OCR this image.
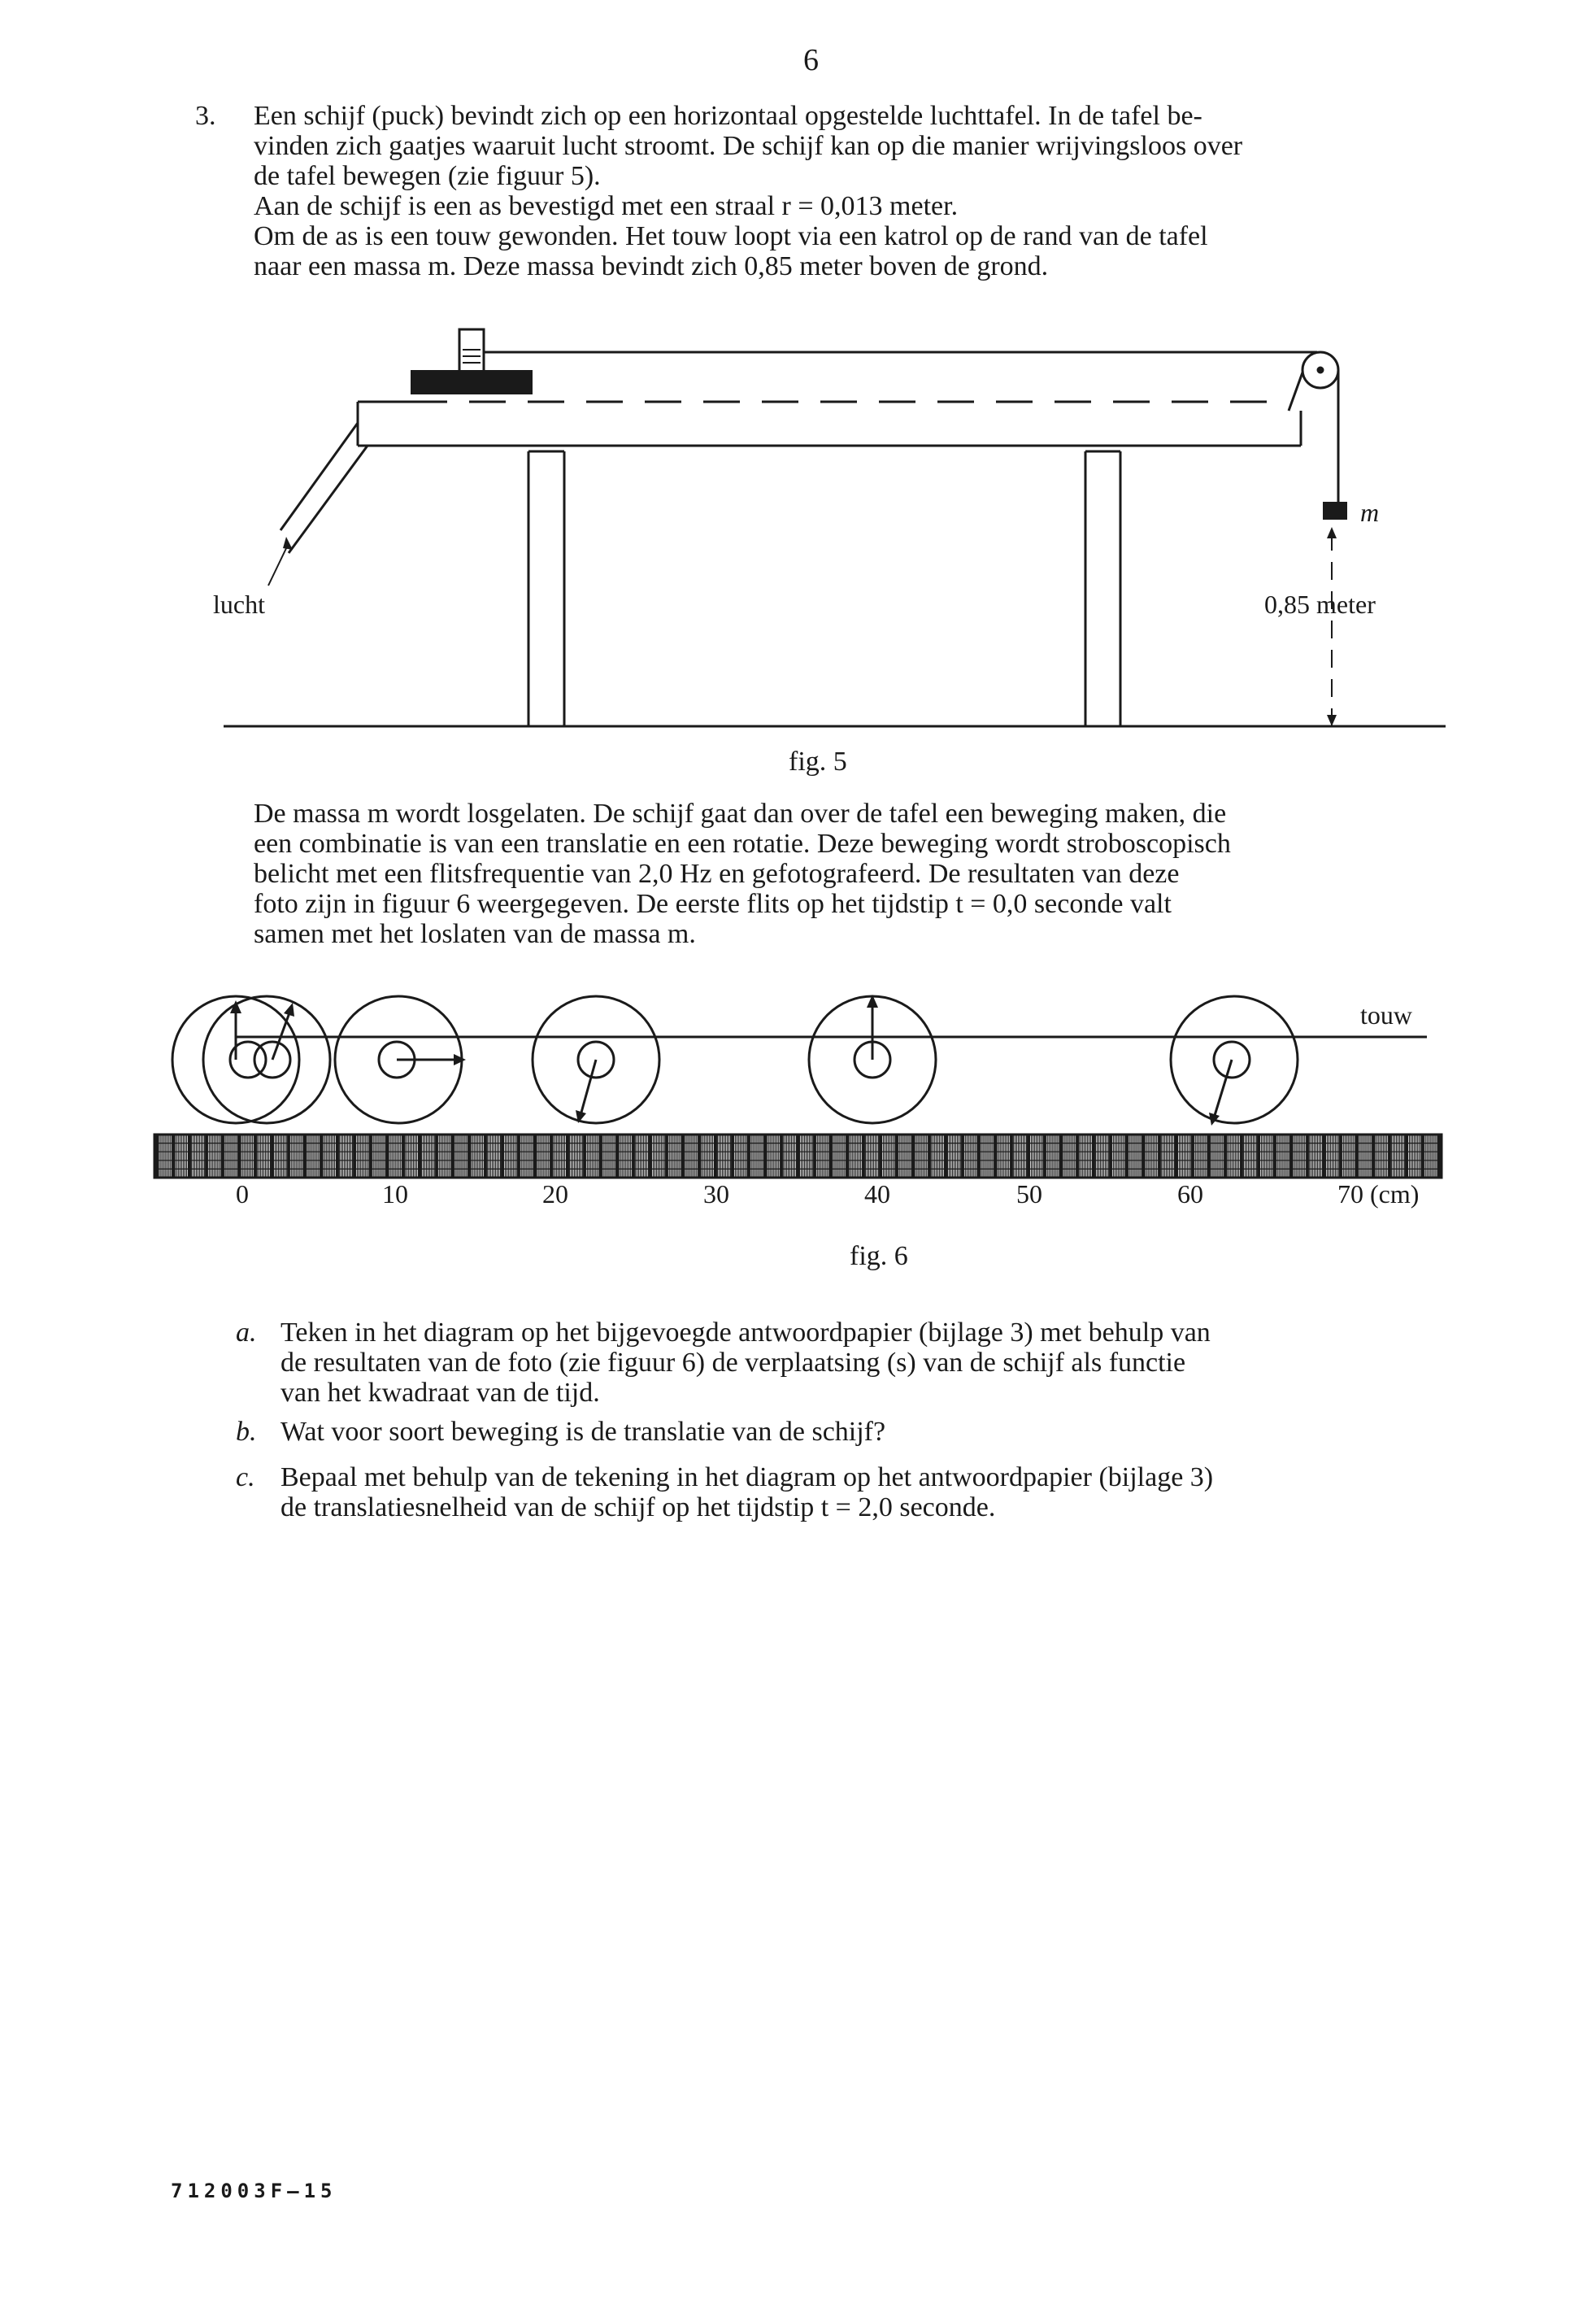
6
3. Een schijf (puck) bevindt zich op een horizontaal opgestelde luchttafel. In de tafel be-
vinden zich gaatjes waaruit lucht stroomt. De schijf kan op die manier wrijvingsloos over
de tafel bewegen (zie figuur 5).
Aan de schijf is een as bevestigd met een straal r = 0,013 meter.
Om de as is een touw gewonden. Het touw loopt via een katrol op de rand van de tafel
naar een massa m. Deze massa bevindt zich 0,85 meter boven de grond.
lucht
m
0,85 meter
fig. 5
De massa m wordt losgelaten. De schijf gaat dan over de tafel een beweging maken, die
een combinatie is van een translatie en een rotatie. Deze beweging wordt stroboscopisch
belicht met een flitsfrequentie van 2,0 Hz en gefotografeerd. De resultaten van deze
foto zijn in figuur 6 weergegeven. De eerste flits op het tijdstip t = 0,0 seconde valt
samen met het loslaten van de massa m.
touw
0	10	20	30	40	50	60	70 (cm)
fig. 6
a. Teken in het diagram op het bijgevoegde antwoordpapier (bijlage 3) met behulp van
de resultaten van de foto (zie figuur 6) de verplaatsing (s) van de schijf als functie
van het kwadraat van de tijd.
b. Wat voor soort beweging is de translatie van de schijf?
c. Bepaal met behulp van de tekening in het diagram op het antwoordpapier (bijlage 3)
de translatiesnelheid van de schijf op het tijdstip t = 2,0 seconde.
712003F–15
